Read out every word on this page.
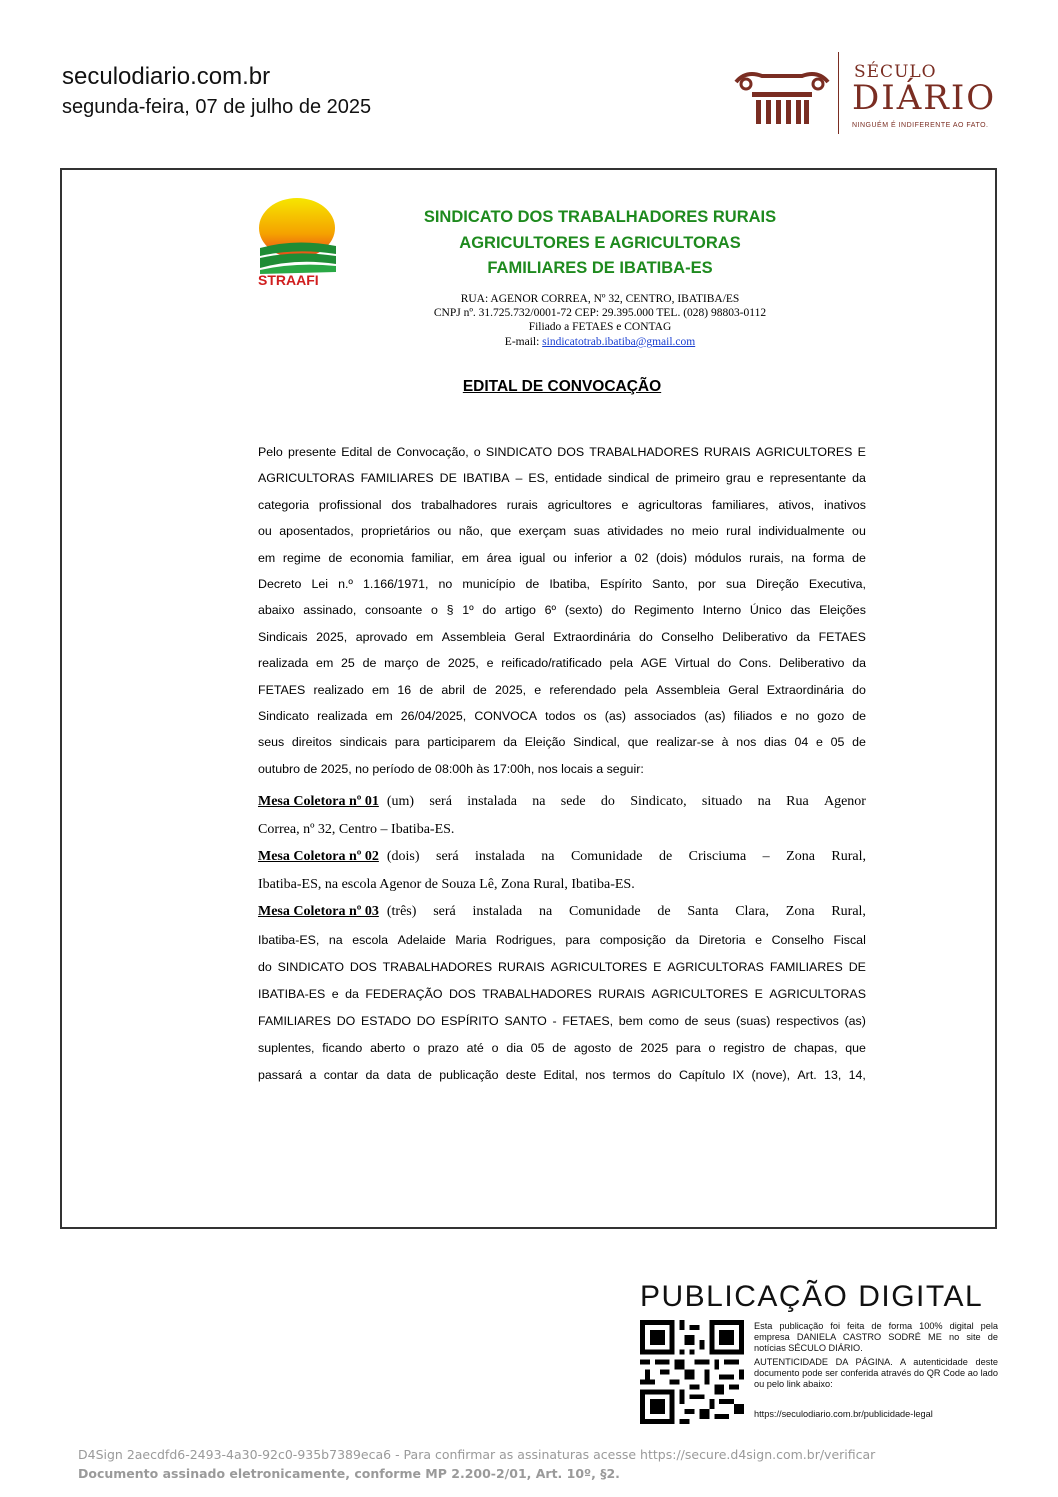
seculodiario.com.br
segunda-feira, 07 de julho de 2025
SÉCULO
DIÁRIO
NINGUÉM É INDIFERENTE AO FATO.
STRAAFI
SINDICATO DOS TRABALHADORES RURAIS
AGRICULTORES E AGRICULTORAS
FAMILIARES DE IBATIBA-ES
RUA: AGENOR CORREA, Nº 32, CENTRO, IBATIBA/ES
CNPJ nº. 31.725.732/0001-72 CEP: 29.395.000 TEL. (028) 98803-0112
Filiado a FETAES e CONTAG
E-mail: sindicatotrab.ibatiba@gmail.com
EDITAL DE CONVOCAÇÃO
Pelo presente Edital de Convocação, o SINDICATO DOS TRABALHADORES RURAIS AGRICULTORES E
AGRICULTORAS FAMILIARES DE IBATIBA – ES, entidade sindical de primeiro grau e representante da
categoria profissional dos trabalhadores rurais agricultores e agricultoras familiares, ativos, inativos
ou aposentados, proprietários ou não, que exerçam suas atividades no meio rural individualmente ou
em regime de economia familiar, em área igual ou inferior a 02 (dois) módulos rurais, na forma de
Decreto Lei n.º 1.166/1971, no município de Ibatiba, Espírito Santo, por sua Direção Executiva,
abaixo assinado, consoante o § 1º do artigo 6º (sexto) do Regimento Interno Único das Eleições
Sindicais 2025, aprovado em Assembleia Geral Extraordinária do Conselho Deliberativo da FETAES
realizada em 25 de março de 2025, e reificado/ratificado pela AGE Virtual do Cons. Deliberativo da
FETAES realizado em 16 de abril de 2025, e referendado pela Assembleia Geral Extraordinária do
Sindicato realizada em 26/04/2025, CONVOCA todos os (as) associados (as) filiados e no gozo de
seus direitos sindicais para participarem da Eleição Sindical, que realizar-se à nos dias 04 e 05 de
outubro de 2025, no período de 08:00h às 17:00h, nos locais a seguir:
Mesa Coletora nº 01 (um) será instalada na sede do Sindicato, situado na Rua Agenor
Correa, nº 32, Centro – Ibatiba-ES.
Mesa Coletora nº 02 (dois) será instalada na Comunidade de Crisciuma – Zona Rural,
Ibatiba-ES, na escola Agenor de Souza Lê, Zona Rural, Ibatiba-ES.
Mesa Coletora nº 03 (três) será instalada na Comunidade de Santa Clara, Zona Rural,
Ibatiba-ES, na escola Adelaide Maria Rodrigues, para composição da Diretoria e Conselho Fiscal
do SINDICATO DOS TRABALHADORES RURAIS AGRICULTORES E AGRICULTORAS FAMILIARES DE
IBATIBA-ES e da FEDERAÇÃO DOS TRABALHADORES RURAIS AGRICULTORES E AGRICULTORAS
FAMILIARES DO ESTADO DO ESPÍRITO SANTO - FETAES, bem como de seus (suas) respectivos (as)
suplentes, ficando aberto o prazo até o dia 05 de agosto de 2025 para o registro de chapas, que
passará a contar da data de publicação deste Edital, nos termos do Capítulo IX (nove), Art. 13, 14,
PUBLICAÇÃO DIGITAL
Esta publicação foi feita de forma 100% digital pela empresa DANIELA CASTRO SODRÉ ME no site de notícias SÉCULO DIÁRIO.
AUTENTICIDADE DA PÁGINA. A autenticidade deste documento pode ser conferida através do QR Code ao lado ou pelo link abaixo:
https://seculodiario.com.br/publicidade-legal
D4Sign 2aecdfd6-2493-4a30-92c0-935b7389eca6 - Para confirmar as assinaturas acesse https://secure.d4sign.com.br/verificar
Documento assinado eletronicamente, conforme MP 2.200-2/01, Art. 10º, §2.
